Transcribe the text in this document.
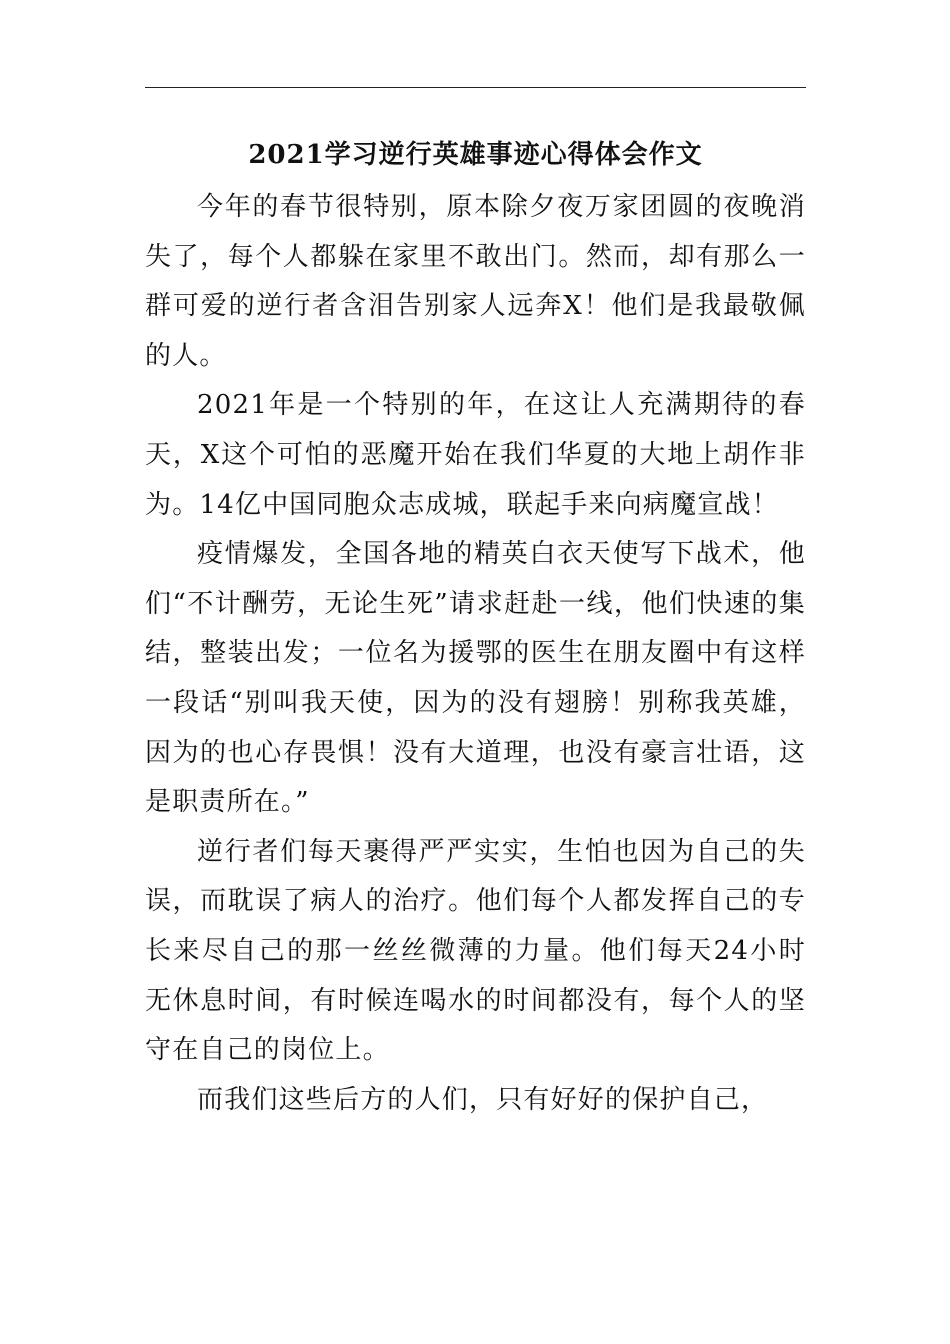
2021学习逆行英雄事迹心得体会作文

今年的春节很特别，原本除夕夜万家团圆的夜晚消失了，每个人都躲在家里不敢出门。然而，却有那么一群可爱的逆行者含泪告别家人远奔X！他们是我最敬佩的人。

2021年是一个特别的年，在这让人充满期待的春天，X这个可怕的恶魔开始在我们华夏的大地上胡作非为。14亿中国同胞众志成城，联起手来向病魔宣战！

疫情爆发，全国各地的精英白衣天使写下战术，他们“不计酬劳，无论生死”请求赶赴一线，他们快速的集结，整装出发；一位名为援鄂的医生在朋友圈中有这样一段话“别叫我天使，因为的没有翅膀！别称我英雄，因为的也心存畏惧！没有大道理，也没有豪言壮语，这是职责所在。”

逆行者们每天裹得严严实实，生怕也因为自己的失误，而耽误了病人的治疗。他们每个人都发挥自己的专长来尽自己的那一丝丝微薄的力量。他们每天24小时无休息时间，有时候连喝水的时间都没有，每个人的坚守在自己的岗位上。

而我们这些后方的人们，只有好好的保护自己，
